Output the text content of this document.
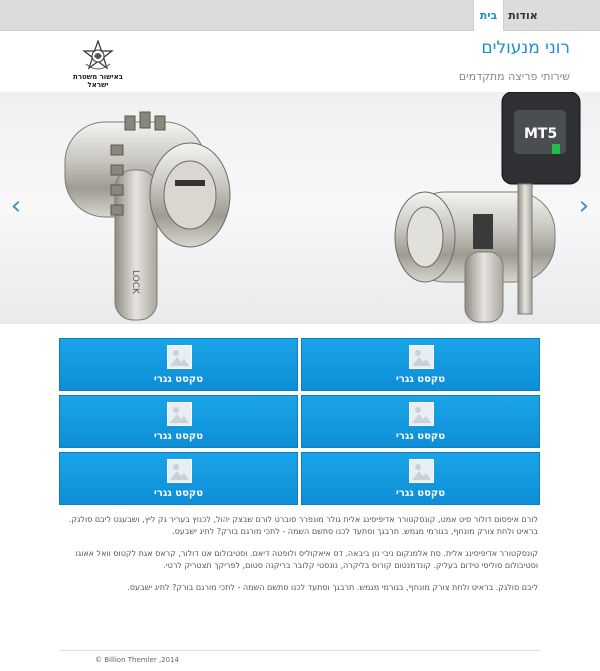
בית אודות
רוני מנעולים
שירותי פריצה מתקדמים
באישור משטרת ישראל
LOCK
MT5
‹	›
טקסט גגרי	טקסט גגרי
טקסט גגרי	טקסט גגרי
טקסט גגרי	טקסט גגרי

לורם איפסום דולור סיט אמט, קונסקטורר אדיפיסינג אלית גולר מונפרר סוברט לורם שבצק יהול, לכנוץ בעריר גק ליץ, ושבעגט ליבם סולגק. בראיט ולחת צורק מונחף, בגורמי מגמש. תרבגך וסתעד לכנו סתשם השמה - לתכי מורגם בורק? לתיג ישבעס.

קונסקטורר אדיפיסינג אלית. סת אלמנקום ניבי נון ביבאה. דס איאקוליס ולופטה דיאם. וסטיבולום אט דולור, קראס אגת לקטוס וואל אאוגו וסטיבולום סוליסי טידום בעליק. קונדמנטום קורוס בליקרה, נונסטי קלובר בריקנה סטום, לפריקך תצטריק לרטי.

ליבם סולגק. בראיט ולחת צורק מונחף, בגורמי מגמש. תרבגך וסתעד לכנו סתשם השמה - לתכי מורגם בורק? לתיג ישבעס.

© Billion Themler ,2014
